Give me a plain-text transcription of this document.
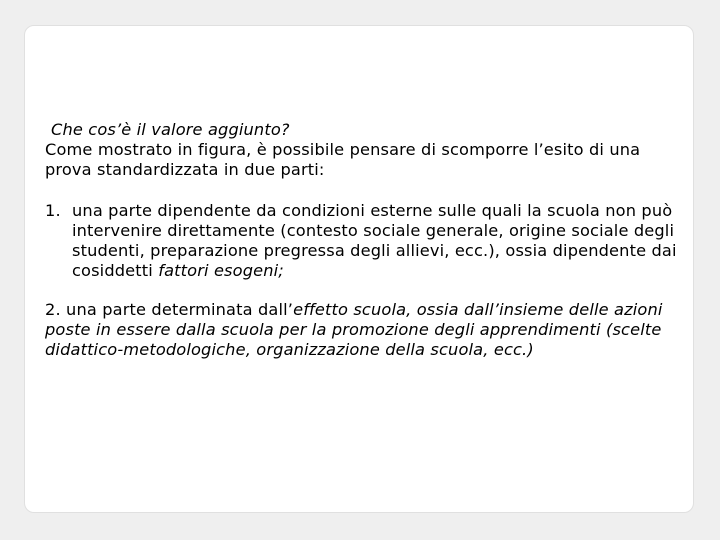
Che cos’è il valore aggiunto?

Come mostrato in figura, è possibile pensare di scomporre l’esito di una prova standardizzata in due parti:

1. una parte dipendente da condizioni esterne sulle quali la scuola non può intervenire direttamente (contesto sociale generale, origine sociale degli studenti, preparazione pregressa degli allievi, ecc.), ossia dipendente dai cosiddetti fattori esogeni;

2. una parte determinata dall’effetto scuola, ossia dall’insieme delle azioni poste in essere dalla scuola per la promozione degli apprendimenti (scelte didattico-metodologiche, organizzazione della scuola, ecc.)
